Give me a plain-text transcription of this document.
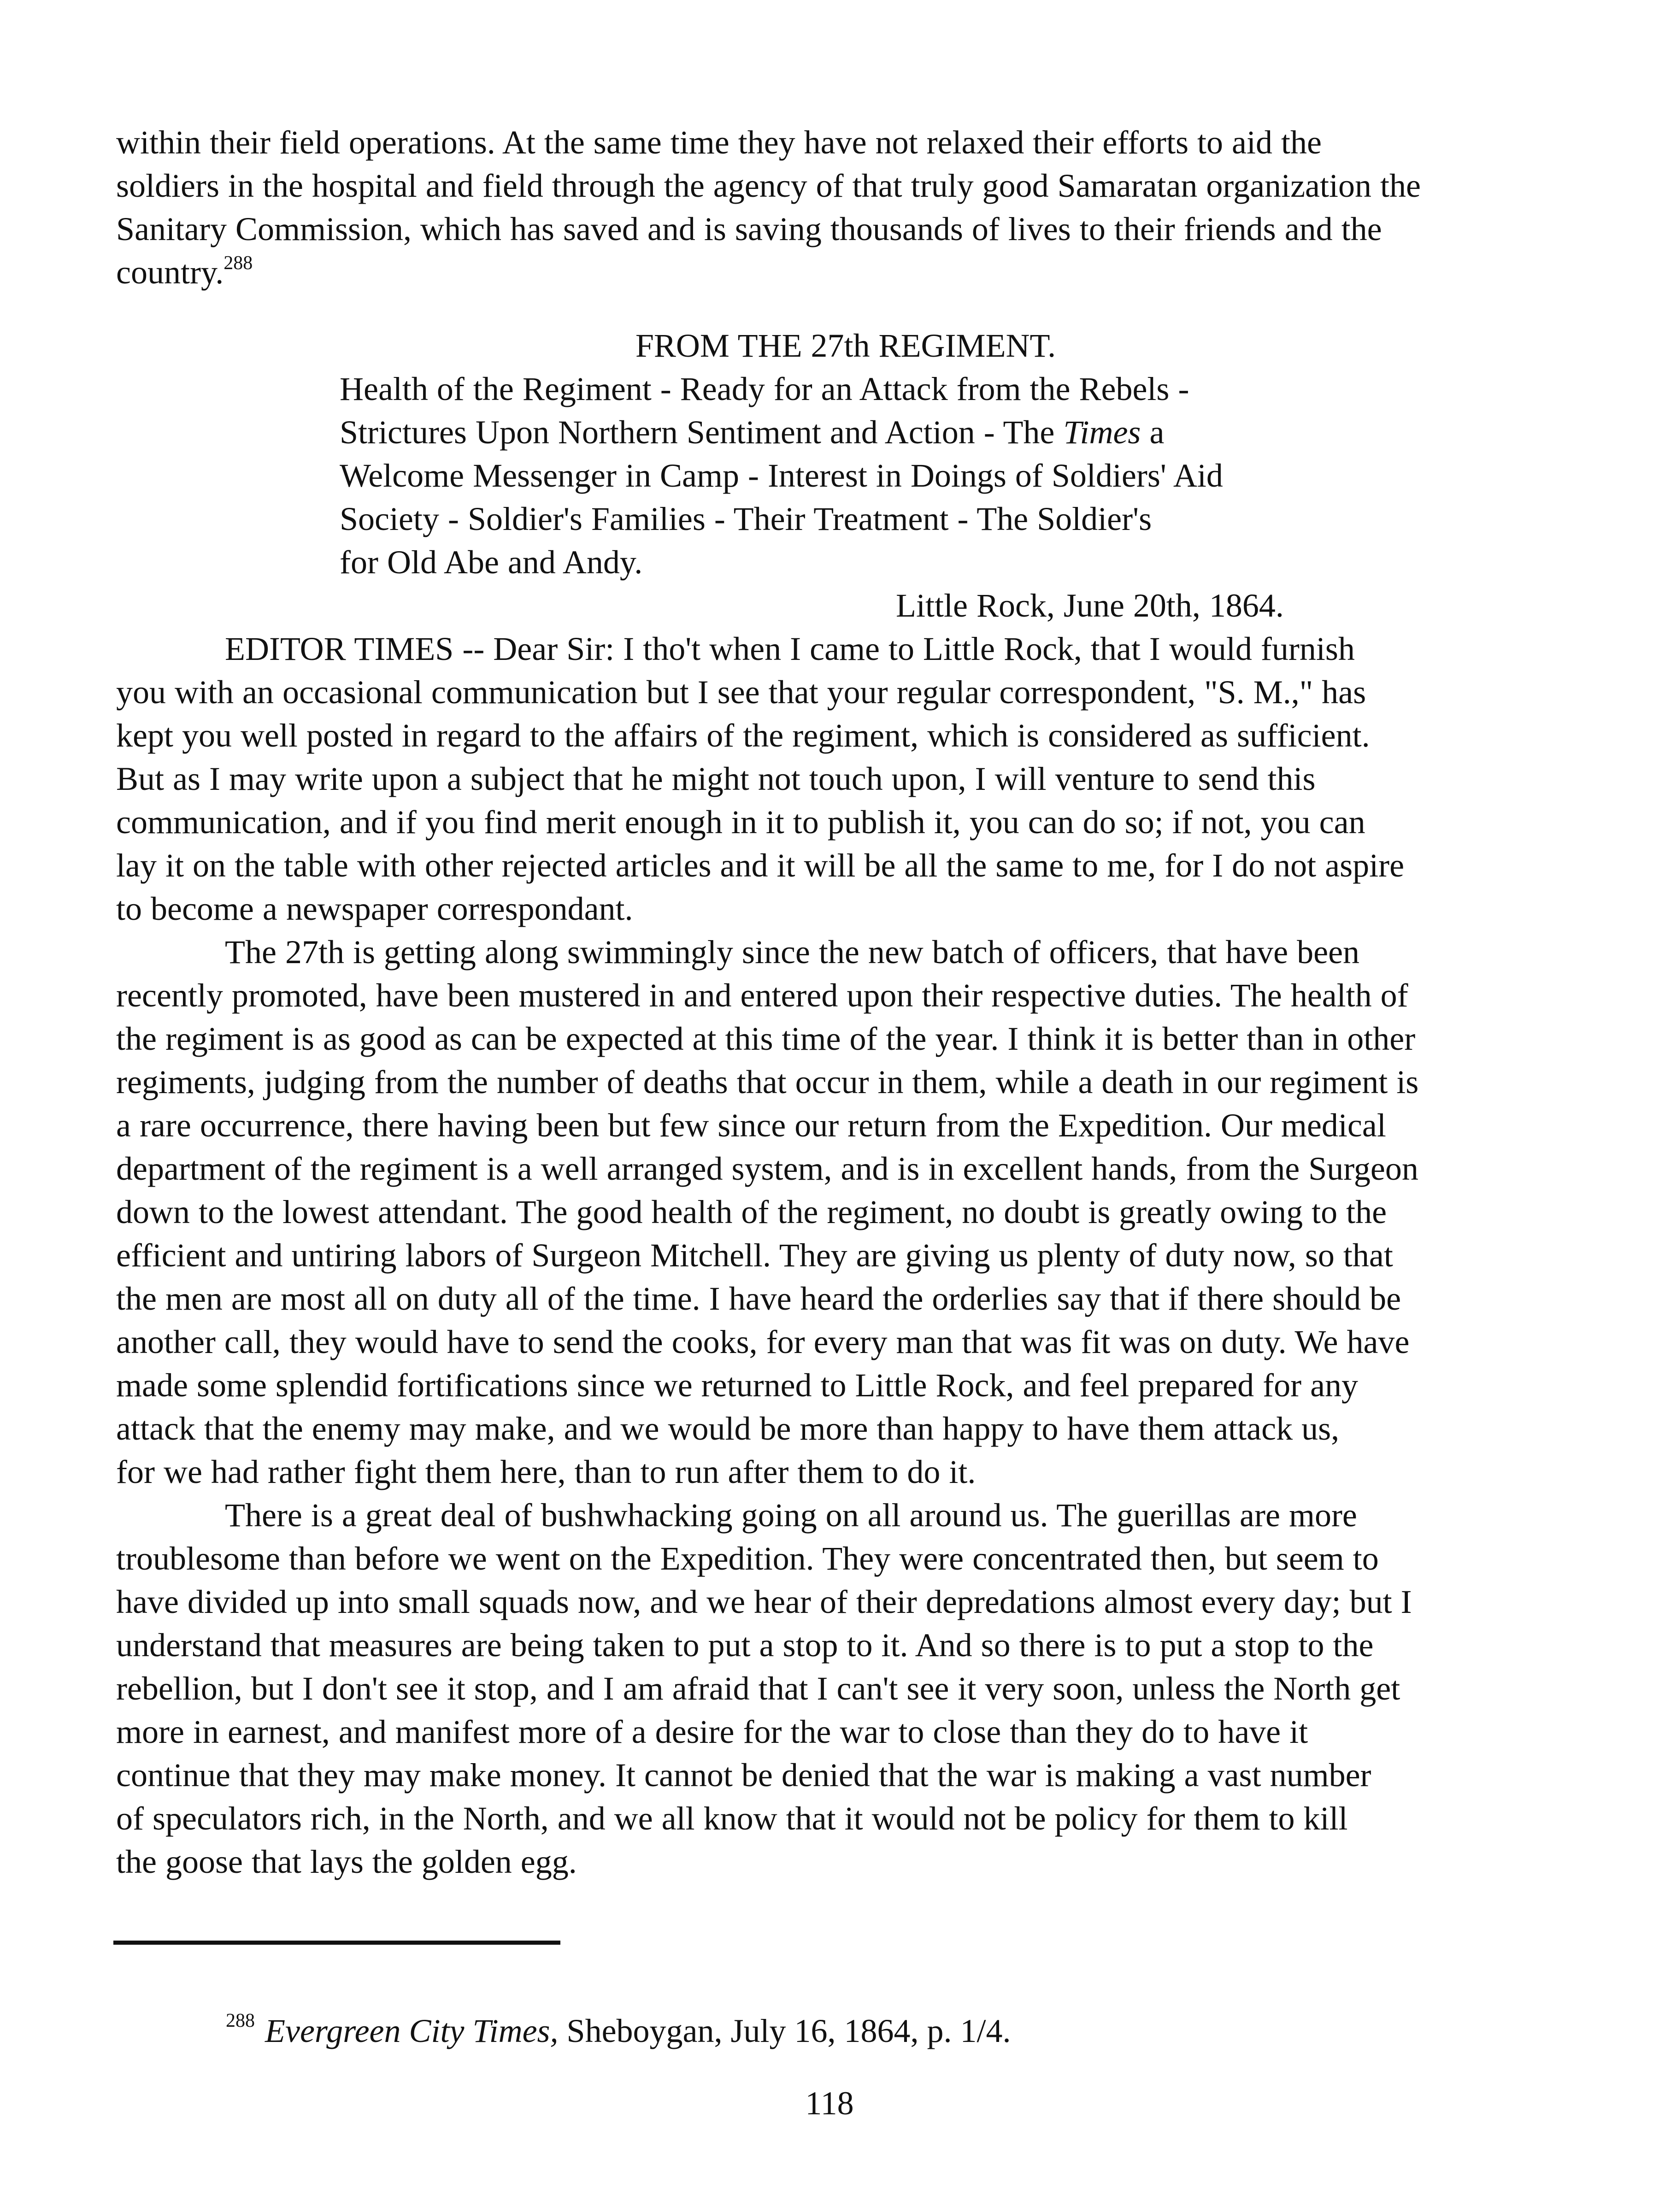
within their field operations. At the same time they have not relaxed their efforts to aid the
soldiers in the hospital and field through the agency of that truly good Samaratan organization the
Sanitary Commission, which has saved and is saving thousands of lives to their friends and the
country.$^{288}$
FROM THE 27th REGIMENT.
Health of the Regiment - Ready for an Attack from the Rebels -
Strictures Upon Northern Sentiment and Action - The Times a
Welcome Messenger in Camp - Interest in Doings of Soldiers' Aid
Society - Soldier's Families - Their Treatment - The Soldier's
for Old Abe and Andy.
Little Rock, June 20th, 1864.
EDITOR TIMES -- Dear Sir: I tho't when I came to Little Rock, that I would furnish
you with an occasional communication but I see that your regular correspondent, "S. M.," has
kept you well posted in regard to the affairs of the regiment, which is considered as sufficient.
But as I may write upon a subject that he might not touch upon, I will venture to send this
communication, and if you find merit enough in it to publish it, you can do so; if not, you can
lay it on the table with other rejected articles and it will be all the same to me, for I do not aspire
to become a newspaper correspondant.
The 27th is getting along swimmingly since the new batch of officers, that have been
recently promoted, have been mustered in and entered upon their respective duties. The health of
the regiment is as good as can be expected at this time of the year. I think it is better than in other
regiments, judging from the number of deaths that occur in them, while a death in our regiment is
a rare occurrence, there having been but few since our return from the Expedition. Our medical
department of the regiment is a well arranged system, and is in excellent hands, from the Surgeon
down to the lowest attendant. The good health of the regiment, no doubt is greatly owing to the
efficient and untiring labors of Surgeon Mitchell. They are giving us plenty of duty now, so that
the men are most all on duty all of the time. I have heard the orderlies say that if there should be
another call, they would have to send the cooks, for every man that was fit was on duty. We have
made some splendid fortifications since we returned to Little Rock, and feel prepared for any
attack that the enemy may make, and we would be more than happy to have them attack us,
for we had rather fight them here, than to run after them to do it.
There is a great deal of bushwhacking going on all around us. The guerillas are more
troublesome than before we went on the Expedition. They were concentrated then, but seem to
have divided up into small squads now, and we hear of their depredations almost every day; but I
understand that measures are being taken to put a stop to it. And so there is to put a stop to the
rebellion, but I don't see it stop, and I am afraid that I can't see it very soon, unless the North get
more in earnest, and manifest more of a desire for the war to close than they do to have it
continue that they may make money. It cannot be denied that the war is making a vast number
of speculators rich, in the North, and we all know that it would not be policy for them to kill
the goose that lays the golden egg.
$^{288}$ Evergreen City Times, Sheboygan, July 16, 1864, p. 1/4.
118
